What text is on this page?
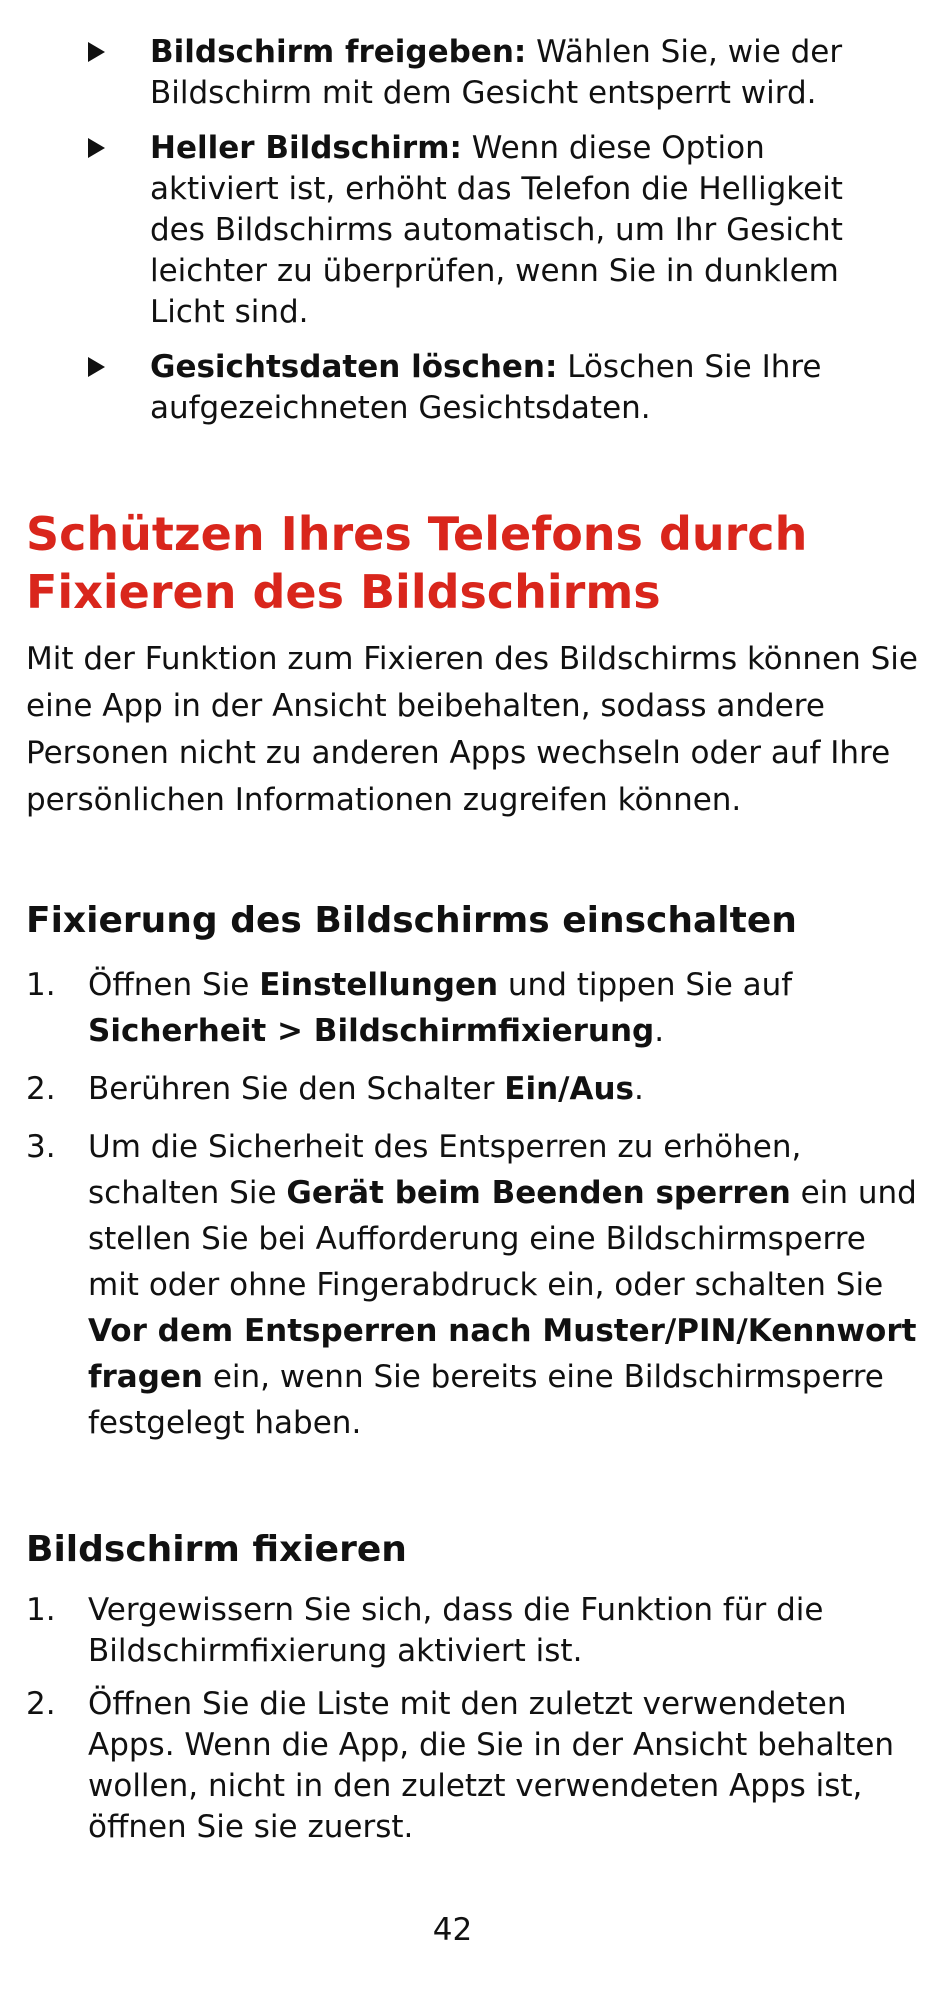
Bildschirm freigeben: Wählen Sie, wie der Bildschirm mit dem Gesicht entsperrt wird.
Heller Bildschirm: Wenn diese Option aktiviert ist, erhöht das Telefon die Helligkeit des Bildschirms automatisch, um Ihr Gesicht leichter zu überprüfen, wenn Sie in dunklem Licht sind.
Gesichtsdaten löschen: Löschen Sie Ihre aufgezeichneten Gesichtsdaten.
Schützen Ihres Telefons durch Fixieren des Bildschirms

Mit der Funktion zum Fixieren des Bildschirms können Sie eine App in der Ansicht beibehalten, sodass andere Personen nicht zu anderen Apps wechseln oder auf Ihre persönlichen Informationen zugreifen können.

Fixierung des Bildschirms einschalten
1. Öffnen Sie Einstellungen und tippen Sie auf Sicherheit > Bildschirmfixierung.
2. Berühren Sie den Schalter Ein/Aus.
3. Um die Sicherheit des Entsperren zu erhöhen, schalten Sie Gerät beim Beenden sperren ein und stellen Sie bei Aufforderung eine Bildschirmsperre mit oder ohne Fingerabdruck ein, oder schalten Sie Vor dem Entsperren nach Muster/PIN/Kennwort fragen ein, wenn Sie bereits eine Bildschirmsperre festgelegt haben.
Bildschirm fixieren
1. Vergewissern Sie sich, dass die Funktion für die Bildschirmfixierung aktiviert ist.
2. Öffnen Sie die Liste mit den zuletzt verwendeten Apps. Wenn die App, die Sie in der Ansicht behalten wollen, nicht in den zuletzt verwendeten Apps ist, öffnen Sie sie zuerst.
42
